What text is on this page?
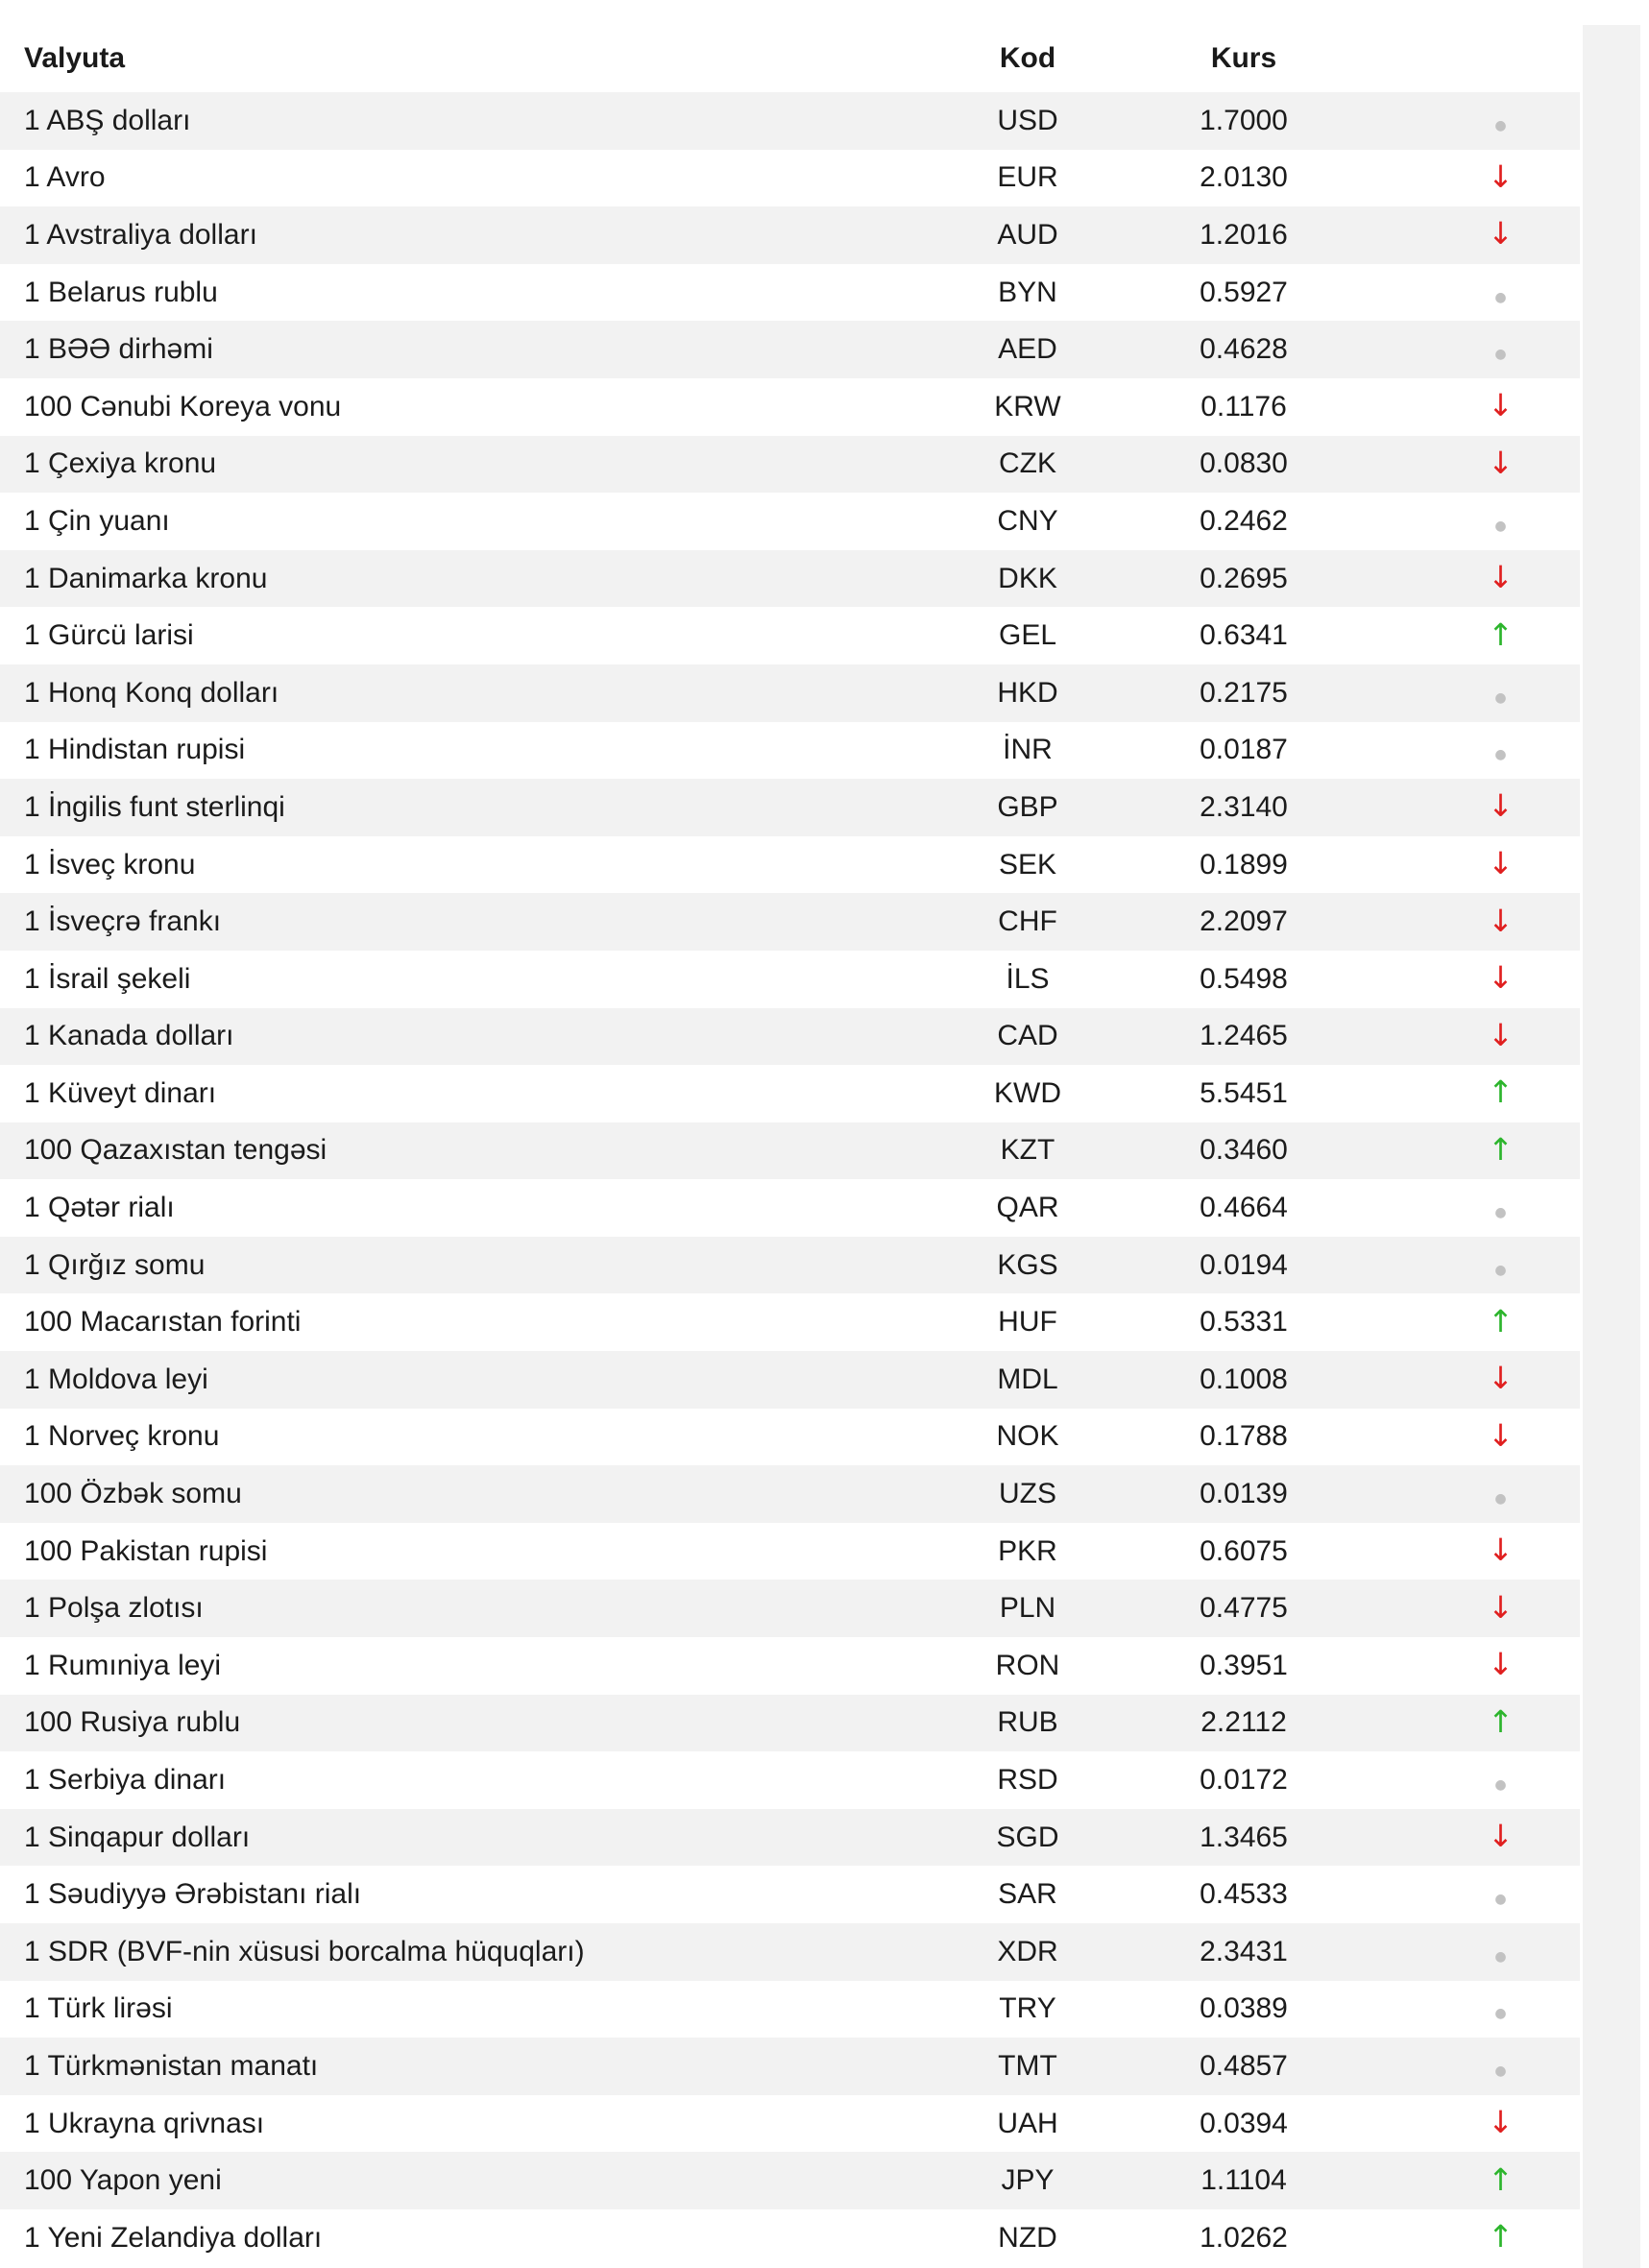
Valyuta	Kod	Kurs	
1 ABŞ dolları	USD	1.7000	●
1 Avro	EUR	2.0130	↓
1 Avstraliya dolları	AUD	1.2016	↓
1 Belarus rublu	BYN	0.5927	●
1 BƏƏ dirhəmi	AED	0.4628	●
100 Cənubi Koreya vonu	KRW	0.1176	↓
1 Çexiya kronu	CZK	0.0830	↓
1 Çin yuanı	CNY	0.2462	●
1 Danimarka kronu	DKK	0.2695	↓
1 Gürcü larisi	GEL	0.6341	↑
1 Honq Konq dolları	HKD	0.2175	●
1 Hindistan rupisi	İNR	0.0187	●
1 İngilis funt sterlinqi	GBP	2.3140	↓
1 İsveç kronu	SEK	0.1899	↓
1 İsveçrə frankı	CHF	2.2097	↓
1 İsrail şekeli	İLS	0.5498	↓
1 Kanada dolları	CAD	1.2465	↓
1 Küveyt dinarı	KWD	5.5451	↑
100 Qazaxıstan tengəsi	KZT	0.3460	↑
1 Qətər rialı	QAR	0.4664	●
1 Qırğız somu	KGS	0.0194	●
100 Macarıstan forinti	HUF	0.5331	↑
1 Moldova leyi	MDL	0.1008	↓
1 Norveç kronu	NOK	0.1788	↓
100 Özbək somu	UZS	0.0139	●
100 Pakistan rupisi	PKR	0.6075	↓
1 Polşa zlotısı	PLN	0.4775	↓
1 Rumıniya leyi	RON	0.3951	↓
100 Rusiya rublu	RUB	2.2112	↑
1 Serbiya dinarı	RSD	0.0172	●
1 Sinqapur dolları	SGD	1.3465	↓
1 Səudiyyə Ərəbistanı rialı	SAR	0.4533	●
1 SDR (BVF-nin xüsusi borcalma hüquqları)	XDR	2.3431	●
1 Türk lirəsi	TRY	0.0389	●
1 Türkmənistan manatı	TMT	0.4857	●
1 Ukrayna qrivnası	UAH	0.0394	↓
100 Yapon yeni	JPY	1.1104	↑
1 Yeni Zelandiya dolları	NZD	1.0262	↑
